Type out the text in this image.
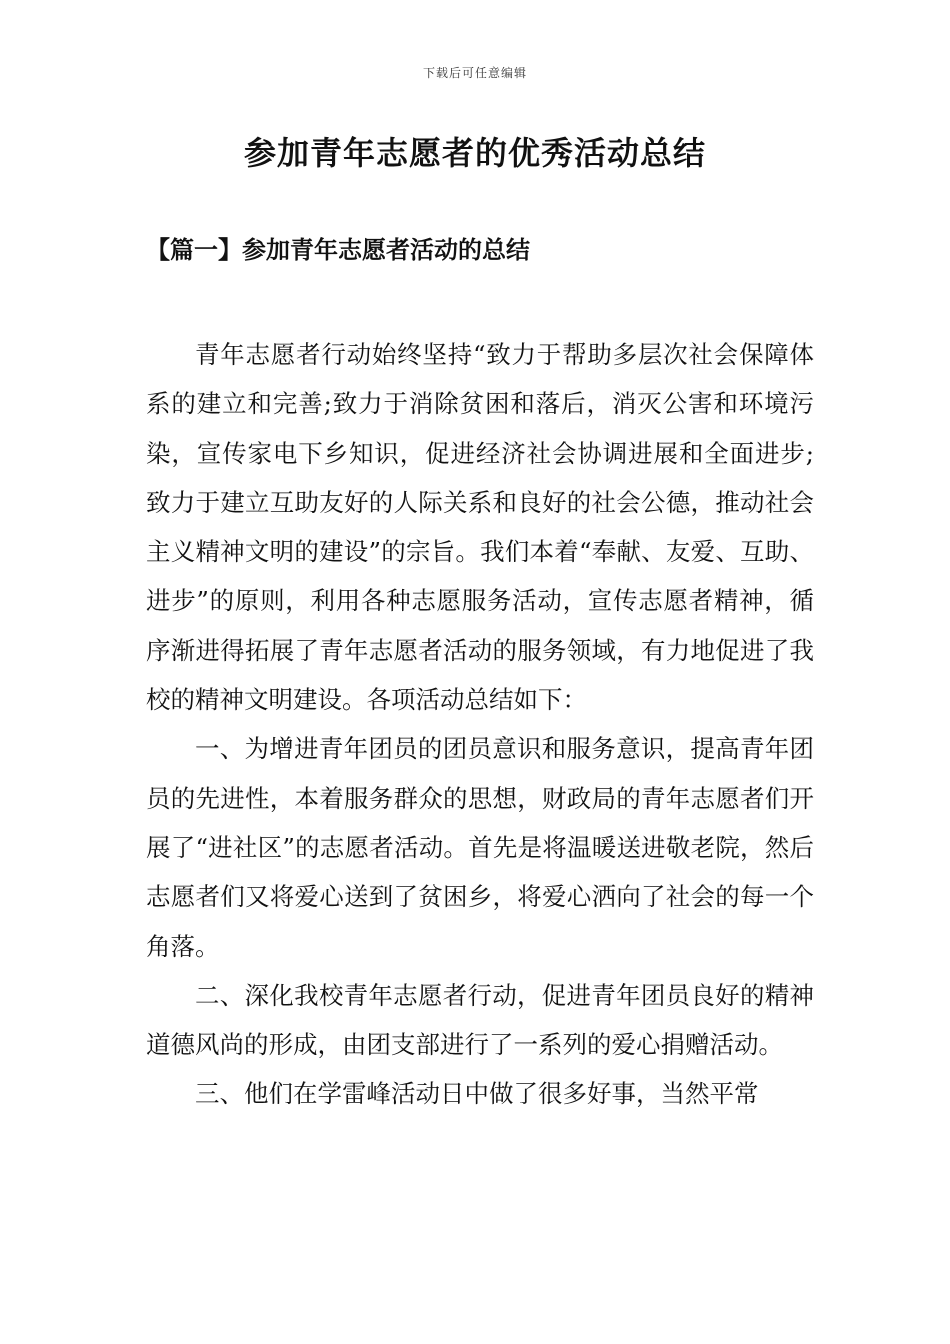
下载后可任意编辑
参加青年志愿者的优秀活动总结
【篇一】参加青年志愿者活动的总结

青年志愿者行动始终坚持“致力于帮助多层次社会保障体系的建立和完善;致力于消除贫困和落后，消灭公害和环境污染，宣传家电下乡知识，促进经济社会协调进展和全面进步;致力于建立互助友好的人际关系和良好的社会公德，推动社会主义精神文明的建设”的宗旨。我们本着“奉献、友爱、互助、进步”的原则，利用各种志愿服务活动，宣传志愿者精神，循序渐进得拓展了青年志愿者活动的服务领域，有力地促进了我校的精神文明建设。各项活动总结如下：

一、为增进青年团员的团员意识和服务意识，提高青年团员的先进性，本着服务群众的思想，财政局的青年志愿者们开展了“进社区”的志愿者活动。首先是将温暖送进敬老院，然后志愿者们又将爱心送到了贫困乡，将爱心洒向了社会的每一个角落。

二、深化我校青年志愿者行动，促进青年团员良好的精神道德风尚的形成，由团支部进行了一系列的爱心捐赠活动。

三、他们在学雷峰活动日中做了很多好事，当然平常
